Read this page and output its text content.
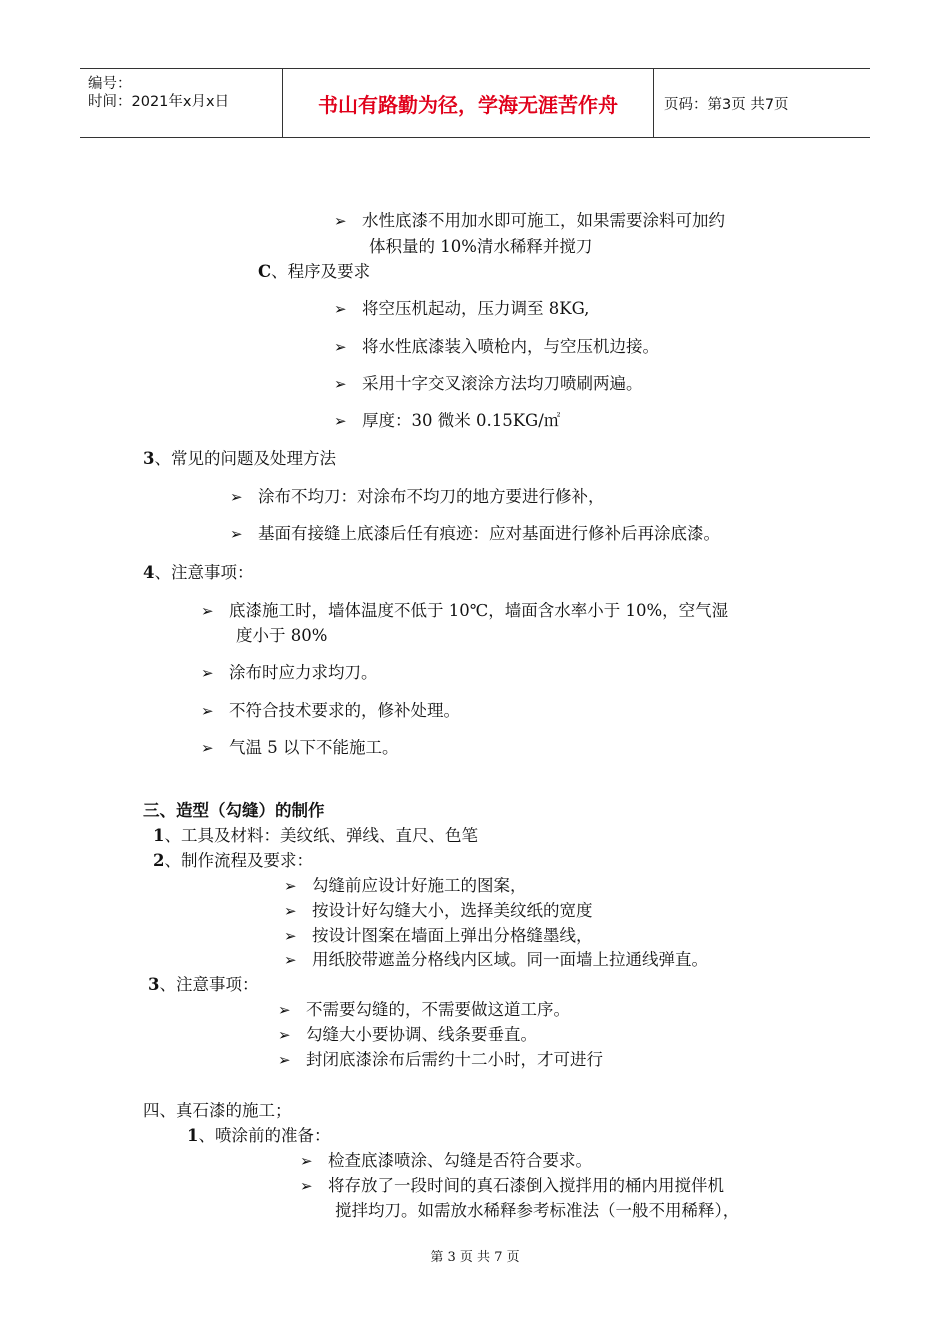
编号：
时间：2021年x月x日	书山有路勤为径，学海无涯苦作舟	页码：第3页 共7页
➢ 水性底漆不用加水即可施工，如果需要涂料可加约
体积量的 10%清水稀释并搅刀
C、程序及要求
➢ 将空压机起动，压力调至 8KG,
➢ 将水性底漆装入喷枪内，与空压机边接。
➢ 采用十字交叉滚涂方法均刀喷刷两遍。
➢ 厚度：30 微米 0.15KG/㎡
3、常见的问题及处理方法
➢ 涂布不均刀：对涂布不均刀的地方要进行修补，
➢ 基面有接缝上底漆后任有痕迹：应对基面进行修补后再涂底漆。
4、注意事项：
➢ 底漆施工时，墙体温度不低于 10℃，墙面含水率小于 10%，空气湿
度小于 80%
➢ 涂布时应力求均刀。
➢ 不符合技术要求的，修补处理。
➢ 气温 5 以下不能施工。
三、造型（勾缝）的制作
1、工具及材料：美纹纸、弹线、直尺、色笔
2、制作流程及要求：
➢ 勾缝前应设计好施工的图案，
➢ 按设计好勾缝大小，选择美纹纸的宽度
➢ 按设计图案在墙面上弹出分格缝墨线，
➢ 用纸胶带遮盖分格线内区域。同一面墙上拉通线弹直。
3、注意事项：
➢ 不需要勾缝的，不需要做这道工序。
➢ 勾缝大小要协调、线条要垂直。
➢ 封闭底漆涂布后需约十二小时，才可进行
四、真石漆的施工；
1、喷涂前的准备：
➢ 检查底漆喷涂、勾缝是否符合要求。
➢ 将存放了一段时间的真石漆倒入搅拌用的桶内用搅伴机
搅拌均刀。如需放水稀释参考标准法（一般不用稀释），
第 3 页 共 7 页
